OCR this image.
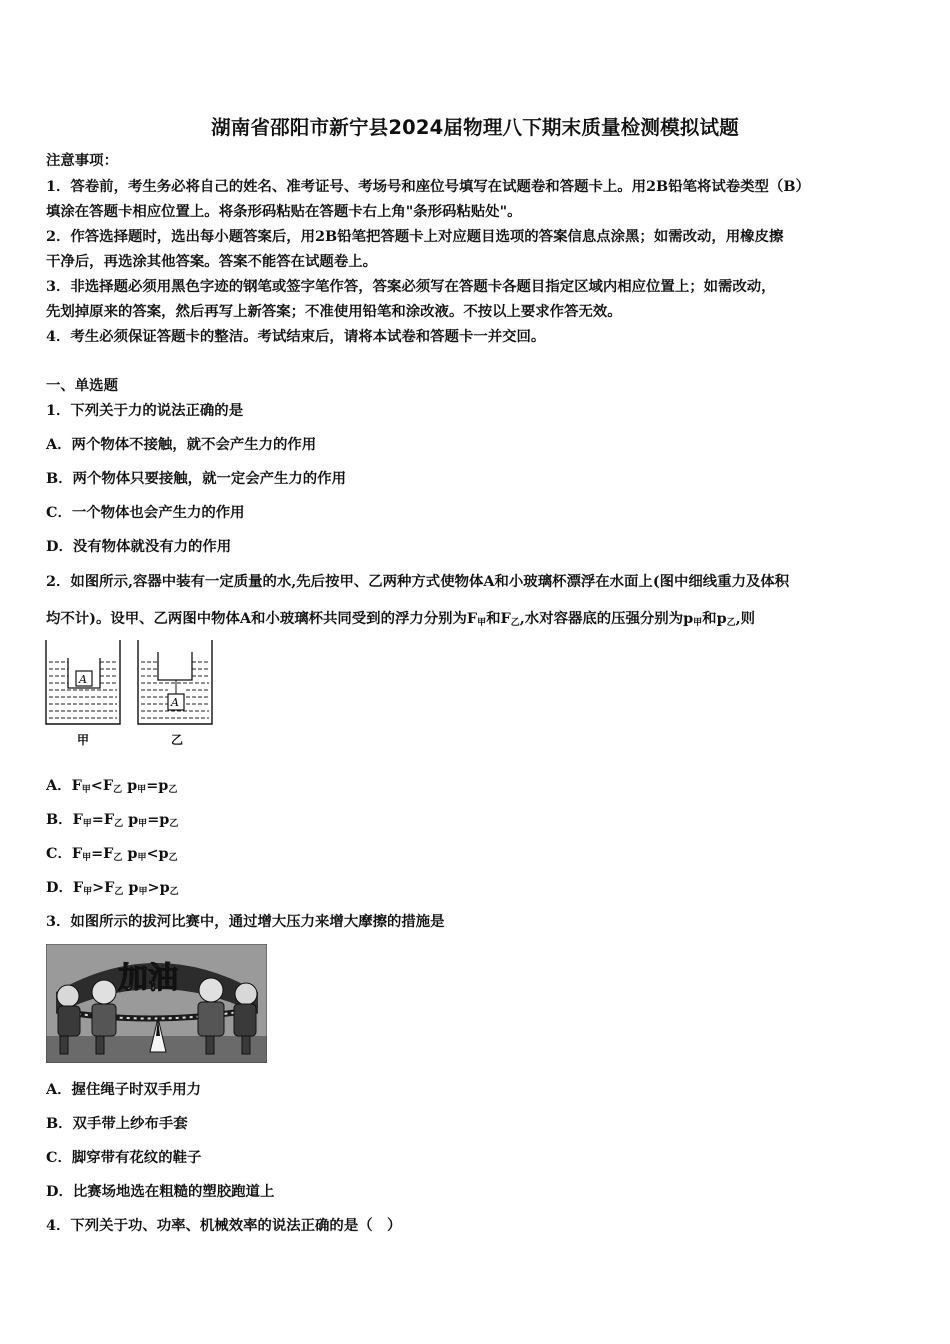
湖南省邵阳市新宁县2024届物理八下期末质量检测模拟试题
注意事项：
1．答卷前，考生务必将自己的姓名、准考证号、考场号和座位号填写在试题卷和答题卡上。用2B铅笔将试卷类型（B）
填涂在答题卡相应位置上。将条形码粘贴在答题卡右上角"条形码粘贴处"。
2．作答选择题时，选出每小题答案后，用2B铅笔把答题卡上对应题目选项的答案信息点涂黑；如需改动，用橡皮擦
干净后，再选涂其他答案。答案不能答在试题卷上。
3．非选择题必须用黑色字迹的钢笔或签字笔作答，答案必须写在答题卡各题目指定区域内相应位置上；如需改动，
先划掉原来的答案，然后再写上新答案；不准使用铅笔和涂改液。不按以上要求作答无效。
4．考生必须保证答题卡的整洁。考试结束后，请将本试卷和答题卡一并交回。
一、单选题
1．下列关于力的说法正确的是
A．两个物体不接触，就不会产生力的作用
B．两个物体只要接触，就一定会产生力的作用
C．一个物体也会产生力的作用
D．没有物体就没有力的作用
2．如图所示,容器中装有一定质量的水,先后按甲、乙两种方式使物体A和小玻璃杯漂浮在水面上(图中细线重力及体积
均不计)。设甲、乙两图中物体A和小玻璃杯共同受到的浮力分别为$F_甲$和$F_乙$,水对容器底的压强分别为$p_甲$和$p_乙$,则
A
A
甲	乙
A．$F_甲<F_乙$ $p_甲=p_乙$
B．$F_甲=F_乙$ $p_甲=p_乙$
C．$F_甲=F_乙$ $p_甲<p_乙$
D．$F_甲>F_乙$ $p_甲>p_乙$
3．如图所示的拔河比赛中，通过增大压力来增大摩擦的措施是
加油
A．握住绳子时双手用力
B．双手带上纱布手套
C．脚穿带有花纹的鞋子
D．比赛场地选在粗糙的塑胶跑道上
4．下列关于功、功率、机械效率的说法正确的是（　）
